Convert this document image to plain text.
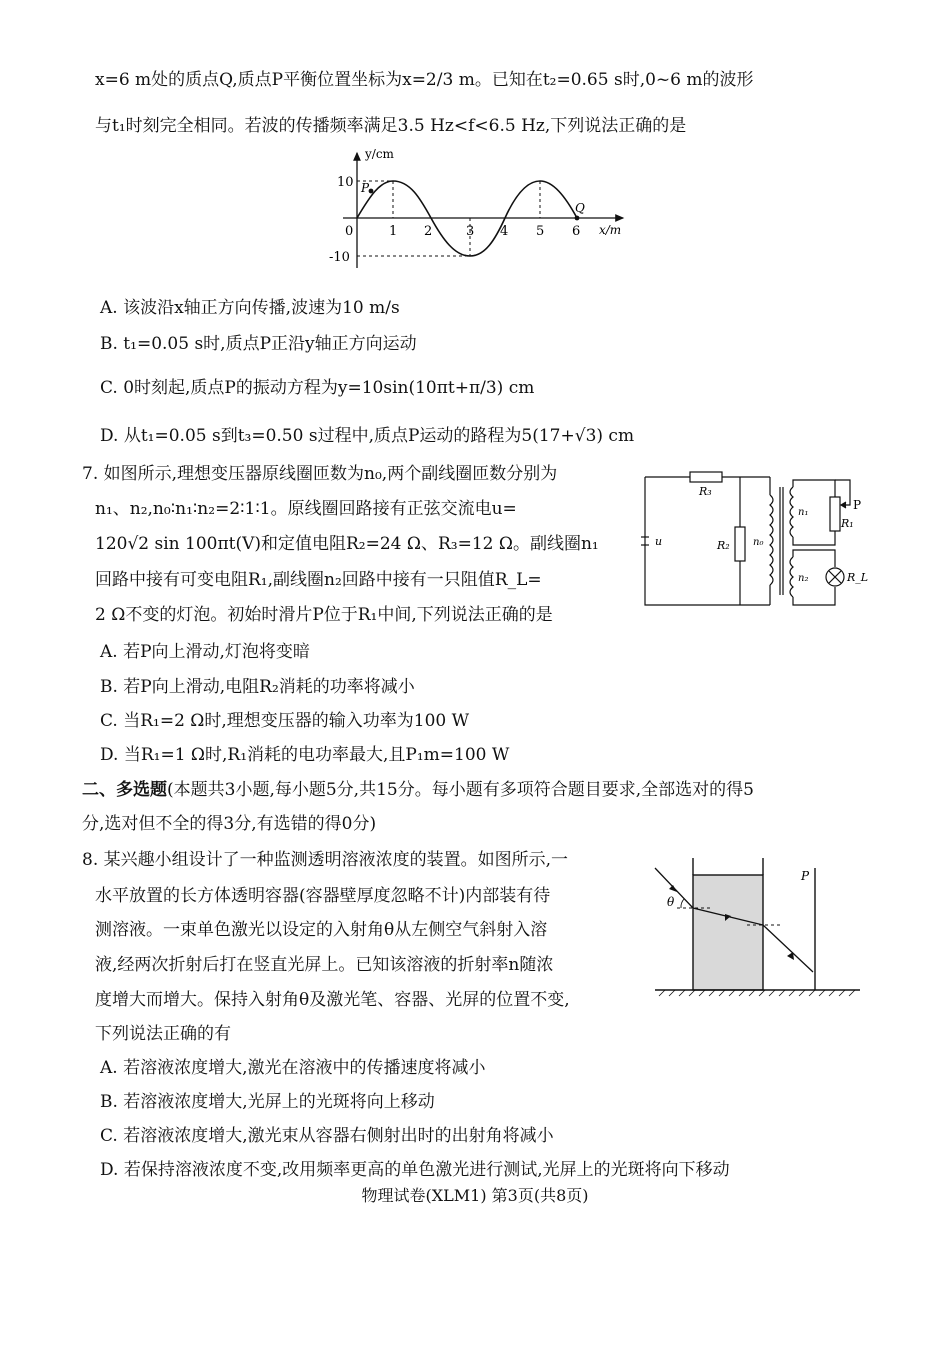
x=6 m处的质点Q,质点P平衡位置坐标为x=2/3 m。已知在t₂=0.65 s时,0~6 m的波形
与t₁时刻完全相同。若波的传播频率满足3.5 Hz<f<6.5 Hz,下列说法正确的是
y/cm
x/m
10
-10
0	1 2	3 4 5 6
P
Q
A. 该波沿x轴正方向传播,波速为10 m/s
B. t₁=0.05 s时,质点P正沿y轴正方向运动
C. 0时刻起,质点P的振动方程为y=10sin(10πt+π/3) cm
D. 从t₁=0.05 s到t₃=0.50 s过程中,质点P运动的路程为5(17+√3) cm
7. 如图所示,理想变压器原线圈匝数为n₀,两个副线圈匝数分别为
n₁、n₂,n₀∶n₁∶n₂=2∶1∶1。原线圈回路接有正弦交流电u=
120√2 sin 100πt(V)和定值电阻R₂=24 Ω、R₃=12 Ω。副线圈n₁
回路中接有可变电阻R₁,副线圈n₂回路中接有一只阻值R_L=
2 Ω不变的灯泡。初始时滑片P位于R₁中间,下列说法正确的是
R₃
R₂ n₀
u
n₁
n₂
R₁
R_L
P
A. 若P向上滑动,灯泡将变暗
B. 若P向上滑动,电阻R₂消耗的功率将减小
C. 当R₁=2 Ω时,理想变压器的输入功率为100 W
D. 当R₁=1 Ω时,R₁消耗的电功率最大,且P₁m=100 W
二、多选题(本题共3小题,每小题5分,共15分。每小题有多项符合题目要求,全部选对的得5
分,选对但不全的得3分,有选错的得0分)
8. 某兴趣小组设计了一种监测透明溶液浓度的装置。如图所示,一
水平放置的长方体透明容器(容器壁厚度忽略不计)内部装有待
测溶液。一束单色激光以设定的入射角θ从左侧空气斜射入溶
液,经两次折射后打在竖直光屏上。已知该溶液的折射率n随浓
度增大而增大。保持入射角θ及激光笔、容器、光屏的位置不变,
下列说法正确的有
θ
P
A. 若溶液浓度增大,激光在溶液中的传播速度将减小
B. 若溶液浓度增大,光屏上的光斑将向上移动
C. 若溶液浓度增大,激光束从容器右侧射出时的出射角将减小
D. 若保持溶液浓度不变,改用频率更高的单色激光进行测试,光屏上的光斑将向下移动
物理试卷(XLM1) 第3页(共8页)
